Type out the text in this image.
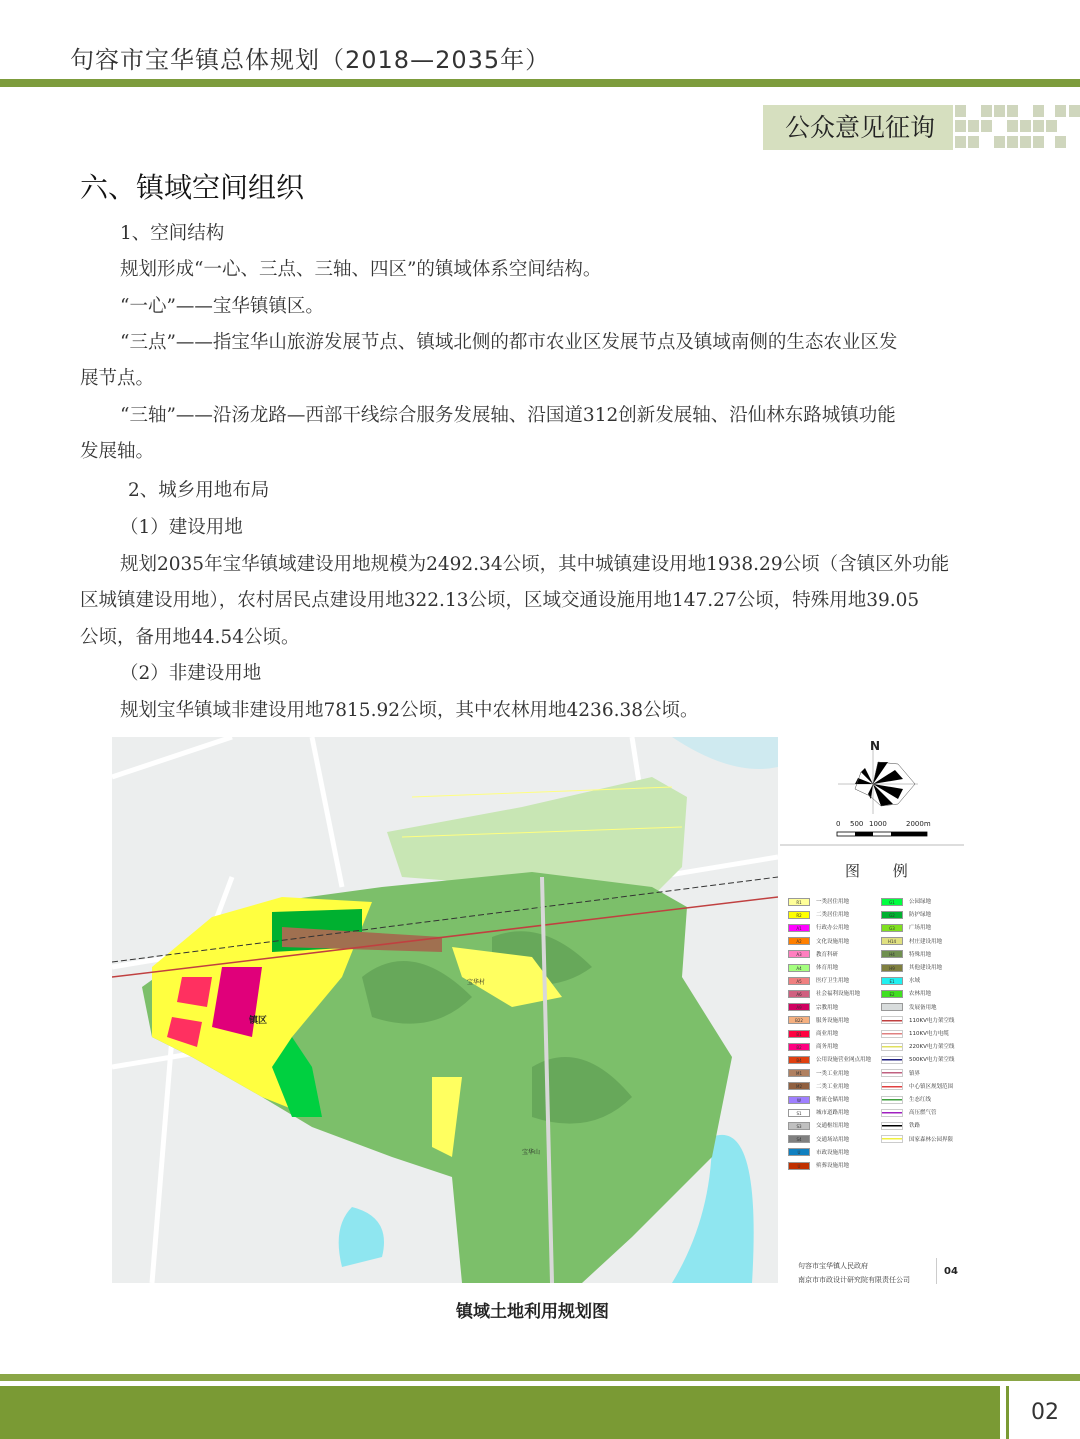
句容市宝华镇总体规划（2018—2035年）
公众意见征询
六、镇域空间组织
1、空间结构
规划形成“一心、三点、三轴、四区”的镇域体系空间结构。
“一心”——宝华镇镇区。
“三点”——指宝华山旅游发展节点、镇域北侧的都市农业区发展节点及镇域南侧的生态农业区发
展节点。
“三轴”——沿汤龙路—西部干线综合服务发展轴、沿国道312创新发展轴、沿仙林东路城镇功能
发展轴。
2、城乡用地布局
（1）建设用地
规划2035年宝华镇域建设用地规模为2492.34公顷，其中城镇建设用地1938.29公顷（含镇区外功能
区城镇建设用地），农村居民点建设用地322.13公顷，区域交通设施用地147.27公顷，特殊用地39.05
公顷，备用地44.54公顷。
（2）非建设用地
规划宝华镇域非建设用地7815.92公顷，其中农林用地4236.38公顷。
镇区
宝华村
宝华山
N
0 500 1000	2000m
图 例
R1	一类居住用地
R2	二类居住用地
A1	行政办公用地
A2	文化设施用地
A3	教育科研
A4	体育用地
A5	医疗卫生用地
A6	社会福利设施用地
A9	宗教用地
B22 服务设施用地
B1	商业用地
B2	商务用地
B4	公用设施营业网点用地
M1	一类工业用地
M2	二类工业用地
W	物流仓储用地
S1	城市道路用地
S3	交通枢纽用地
S4	交通场站用地
U	市政设施用地
U	殡葬设施用地
G1	公园绿地
G2	防护绿地
G3	广场用地
H14 村庄建设用地
H4	特殊用地
H9	其他建设用地
E1	水域
E2	农林用地
发展备用地
110KV电力架空线
110KV电力电缆
220KV电力架空线
500KV电力架空线
镇界
中心镇区规划范围
生态红线
高压燃气管
铁路
国家森林公园界限
句容市宝华镇人民政府
南京市市政设计研究院有限责任公司
04
镇域土地利用规划图
02
